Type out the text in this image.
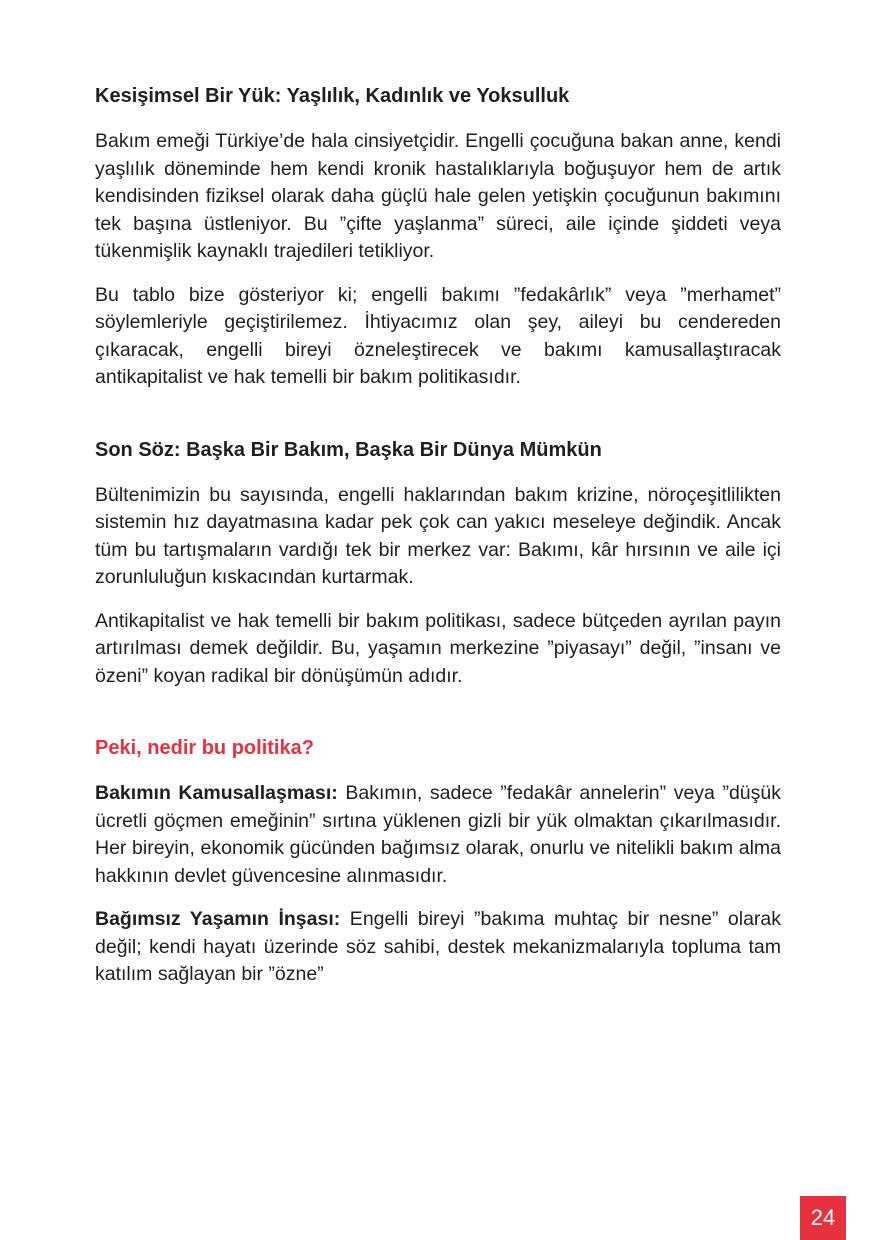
Kesişimsel Bir Yük: Yaşlılık, Kadınlık ve Yoksulluk

Bakım emeği Türkiye’de hala cinsiyetçidir. Engelli çocuğuna bakan anne, kendi yaşlılık döneminde hem kendi kronik hastalıklarıyla boğuşuyor hem de artık kendisinden fiziksel olarak daha güçlü hale gelen yetişkin çocuğunun bakımını tek başına üstleniyor. Bu ”çifte yaşlanma” süreci, aile içinde şiddeti veya tükenmişlik kaynaklı trajedileri tetikliyor.

Bu tablo bize gösteriyor ki; engelli bakımı ”fedakârlık” veya ”merhamet” söylemleriyle geçiştirilemez. İhtiyacımız olan şey, aileyi bu cendereden çıkaracak, engelli bireyi özneleştirecek ve bakımı kamusallaştıracak antikapitalist ve hak temelli bir bakım politikasıdır.

Son Söz: Başka Bir Bakım, Başka Bir Dünya Mümkün

Bültenimizin bu sayısında, engelli haklarından bakım krizine, nöroçeşitlilikten sistemin hız dayatmasına kadar pek çok can yakıcı meseleye değindik. Ancak tüm bu tartışmaların vardığı tek bir merkez var: Bakımı, kâr hırsının ve aile içi zorunluluğun kıskacından kurtarmak.

Antikapitalist ve hak temelli bir bakım politikası, sadece bütçeden ayrılan payın artırılması demek değildir. Bu, yaşamın merkezine ”piyasayı” değil, ”insanı ve özeni” koyan radikal bir dönüşümün adıdır.

Peki, nedir bu politika?

Bakımın Kamusallaşması: Bakımın, sadece ”fedakâr annelerin” veya ”düşük ücretli göçmen emeğinin” sırtına yüklenen gizli bir yük olmaktan çıkarılmasıdır. Her bireyin, ekonomik gücünden bağımsız olarak, onurlu ve nitelikli bakım alma hakkının devlet güvencesine alınmasıdır.

Bağımsız Yaşamın İnşası: Engelli bireyi ”bakıma muhtaç bir nesne” olarak değil; kendi hayatı üzerinde söz sahibi, destek mekanizmalarıyla topluma tam katılım sağlayan bir ”özne”

24
